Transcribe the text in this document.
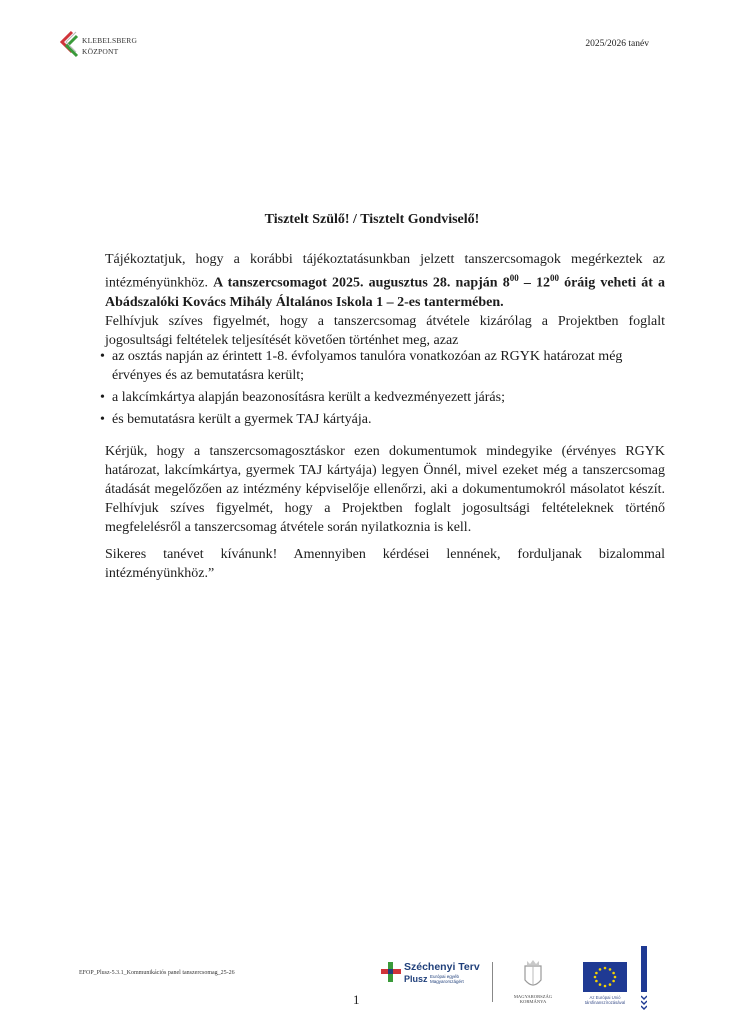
KLEBELSBERG
KÖZPONT
2025/2026 tanév
Tisztelt Szülő! / Tisztelt Gondviselő!
Tájékoztatjuk, hogy a korábbi tájékoztatásunkban jelzett tanszercsomagok megérkeztek az intézményünkhöz. A tanszercsomagot 2025. augusztus 28. napján $8^{00} - 12^{00}$ óráig veheti át a Abádszalóki Kovács Mihály Általános Iskola 1 – 2-es tantermében.
Felhívjuk szíves figyelmét, hogy a tanszercsomag átvétele kizárólag a Projektben foglalt jogosultsági feltételek teljesítését követően történhet meg, azaz
• az osztás napján az érintett 1-8. évfolyamos tanulóra vonatkozóan az RGYK határozat még érvényes és az bemutatásra került;
• a lakcímkártya alapján beazonosításra került a kedvezményezett járás;
• és bemutatásra került a gyermek TAJ kártyája.
Kérjük, hogy a tanszercsomagosztáskor ezen dokumentumok mindegyike (érvényes RGYK határozat, lakcímkártya, gyermek TAJ kártyája) legyen Önnél, mivel ezeket még a tanszercsomag átadását megelőzően az intézmény képviselője ellenőrzi, aki a dokumentumokról másolatot készít. Felhívjuk szíves figyelmét, hogy a Projektben foglalt jogosultsági feltételeknek történő megfelelésről a tanszercsomag átvétele során nyilatkoznia is kell.
Sikeres tanévet kívánunk! Amennyiben kérdései lennének, forduljanak bizalommal intézményünkhöz.”
EFOP_Plusz-5.3.1_Kommunikációs panel tanszercsomag_25-26
1
Széchenyi Terv
Plusz Európai egyéb Magyarországért
MAGYARORSZÁG KORMÁNYA
Az Európai Unió társfinanszírozásával
